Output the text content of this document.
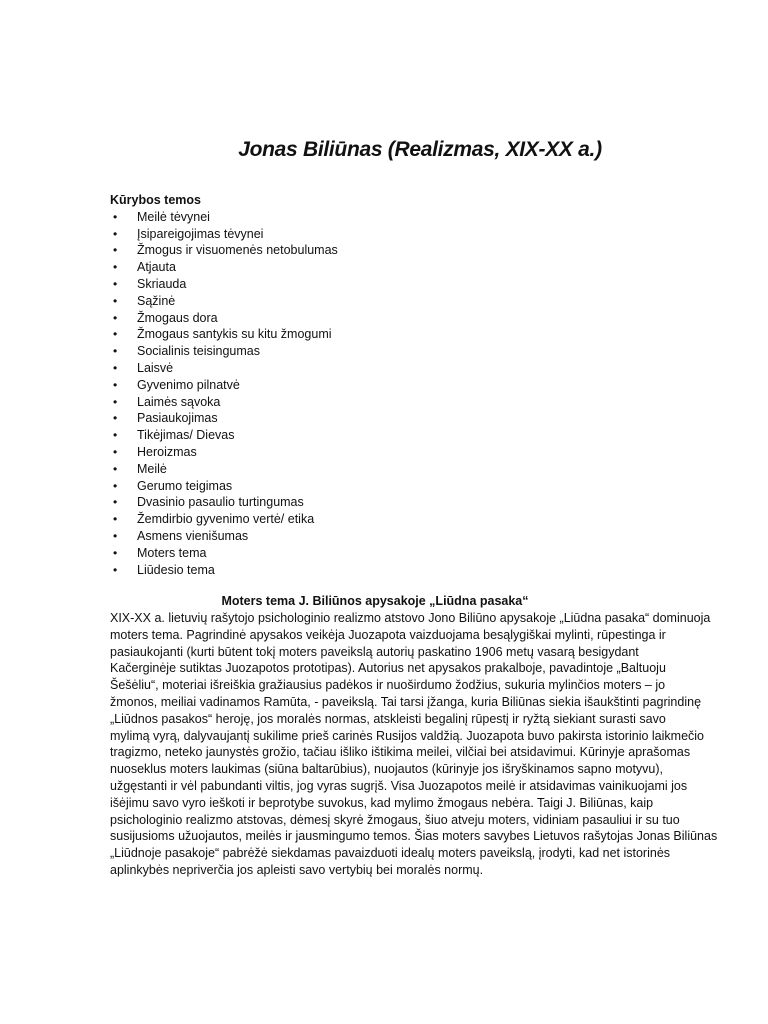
Jonas Biliūnas (Realizmas, XIX-XX a.)
Kūrybos temos
• Meilė tėvynei
• Įsipareigojimas tėvynei
• Žmogus ir visuomenės netobulumas
• Atjauta
• Skriauda
• Sąžinė
• Žmogaus dora
• Žmogaus santykis su kitu žmogumi
• Socialinis teisingumas
• Laisvė
• Gyvenimo pilnatvė
• Laimės sąvoka
• Pasiaukojimas
• Tikėjimas/ Dievas
• Heroizmas
• Meilė
• Gerumo teigimas
• Dvasinio pasaulio turtingumas
• Žemdirbio gyvenimo vertė/ etika
• Asmens vienišumas
• Moters tema
• Liūdesio tema
Moters tema J. Biliūnos apysakoje „Liūdna pasaka“
XIX-XX a. lietuvių rašytojo psichologinio realizmo atstovo Jono Biliūno apysakoje „Liūdna pasaka“ dominuoja
moters tema. Pagrindinė apysakos veikėja Juozapota vaizduojama besąlygiškai mylinti, rūpestinga ir
pasiaukojanti (kurti būtent tokį moters paveikslą autorių paskatino 1906 metų vasarą besigydant
Kačerginėje sutiktas Juozapotos prototipas). Autorius net apysakos prakalboje, pavadintoje „Baltuoju
Šešėliu“, moteriai išreiškia gražiausius padėkos ir nuoširdumo žodžius, sukuria mylinčios moters – jo
žmonos, meiliai vadinamos Ramūta, - paveikslą. Tai tarsi įžanga, kuria Biliūnas siekia išaukštinti pagrindinę
„Liūdnos pasakos“ heroję, jos moralės normas, atskleisti begalinį rūpestį ir ryžtą siekiant surasti savo
mylimą vyrą, dalyvaujantį sukilime prieš carinės Rusijos valdžią. Juozapota buvo pakirsta istorinio laikmečio
tragizmo, neteko jaunystės grožio, tačiau išliko ištikima meilei, vilčiai bei atsidavimui. Kūrinyje aprašomas
nuoseklus moters laukimas (siūna baltarūbius), nuojautos (kūrinyje jos išryškinamos sapno motyvu),
užgęstanti ir vėl pabundanti viltis, jog vyras sugrįš. Visa Juozapotos meilė ir atsidavimas vainikuojami jos
išėjimu savo vyro ieškoti ir beprotybe suvokus, kad mylimo žmogaus nebėra. Taigi J. Biliūnas, kaip
psichologinio realizmo atstovas, dėmesį skyrė žmogaus, šiuo atveju moters, vidiniam pasauliui ir su tuo
susijusioms užuojautos, meilės ir jausmingumo temos. Šias moters savybes Lietuvos rašytojas Jonas Biliūnas
„Liūdnoje pasakoje“ pabrėžė siekdamas pavaizduoti idealų moters paveikslą, įrodyti, kad net istorinės
aplinkybės nepriverčia jos apleisti savo vertybių bei moralės normų.
